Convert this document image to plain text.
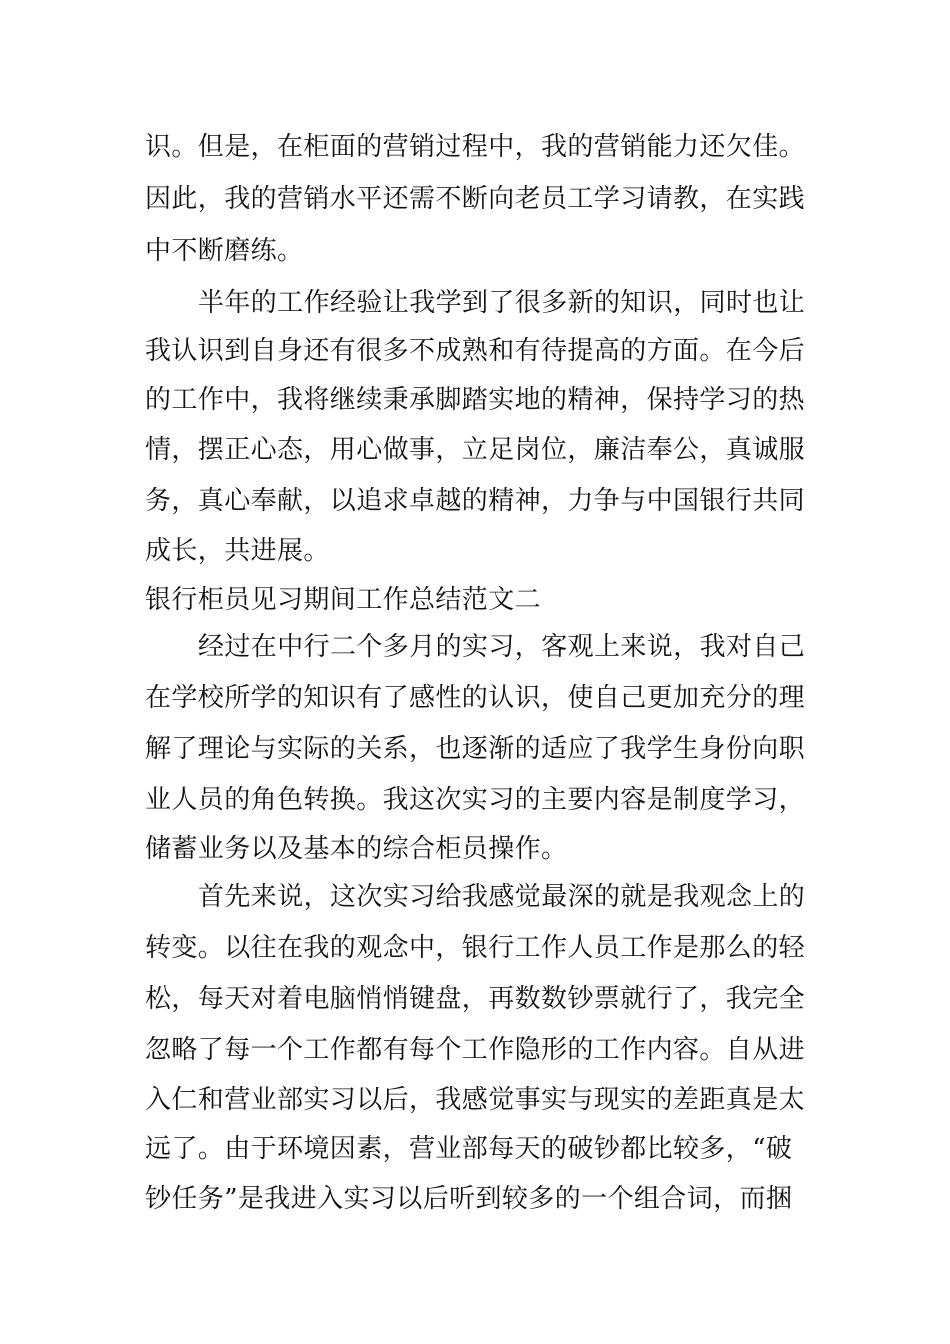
识。但是，在柜面的营销过程中，我的营销能力还欠佳。
因此，我的营销水平还需不断向老员工学习请教，在实践
中不断磨练。
半年的工作经验让我学到了很多新的知识，同时也让
我认识到自身还有很多不成熟和有待提高的方面。在今后
的工作中，我将继续秉承脚踏实地的精神，保持学习的热
情，摆正心态，用心做事，立足岗位，廉洁奉公，真诚服
务，真心奉献，以追求卓越的精神，力争与中国银行共同
成长，共进展。
银行柜员见习期间工作总结范文二
经过在中行二个多月的实习，客观上来说，我对自己
在学校所学的知识有了感性的认识，使自己更加充分的理
解了理论与实际的关系，也逐渐的适应了我学生身份向职
业人员的角色转换。我这次实习的主要内容是制度学习，
储蓄业务以及基本的综合柜员操作。
首先来说，这次实习给我感觉最深的就是我观念上的
转变。以往在我的观念中，银行工作人员工作是那么的轻
松，每天对着电脑悄悄键盘，再数数钞票就行了，我完全
忽略了每一个工作都有每个工作隐形的工作内容。自从进
入仁和营业部实习以后，我感觉事实与现实的差距真是太
远了。由于环境因素，营业部每天的破钞都比较多，“破
钞任务”是我进入实习以后听到较多的一个组合词，而捆
